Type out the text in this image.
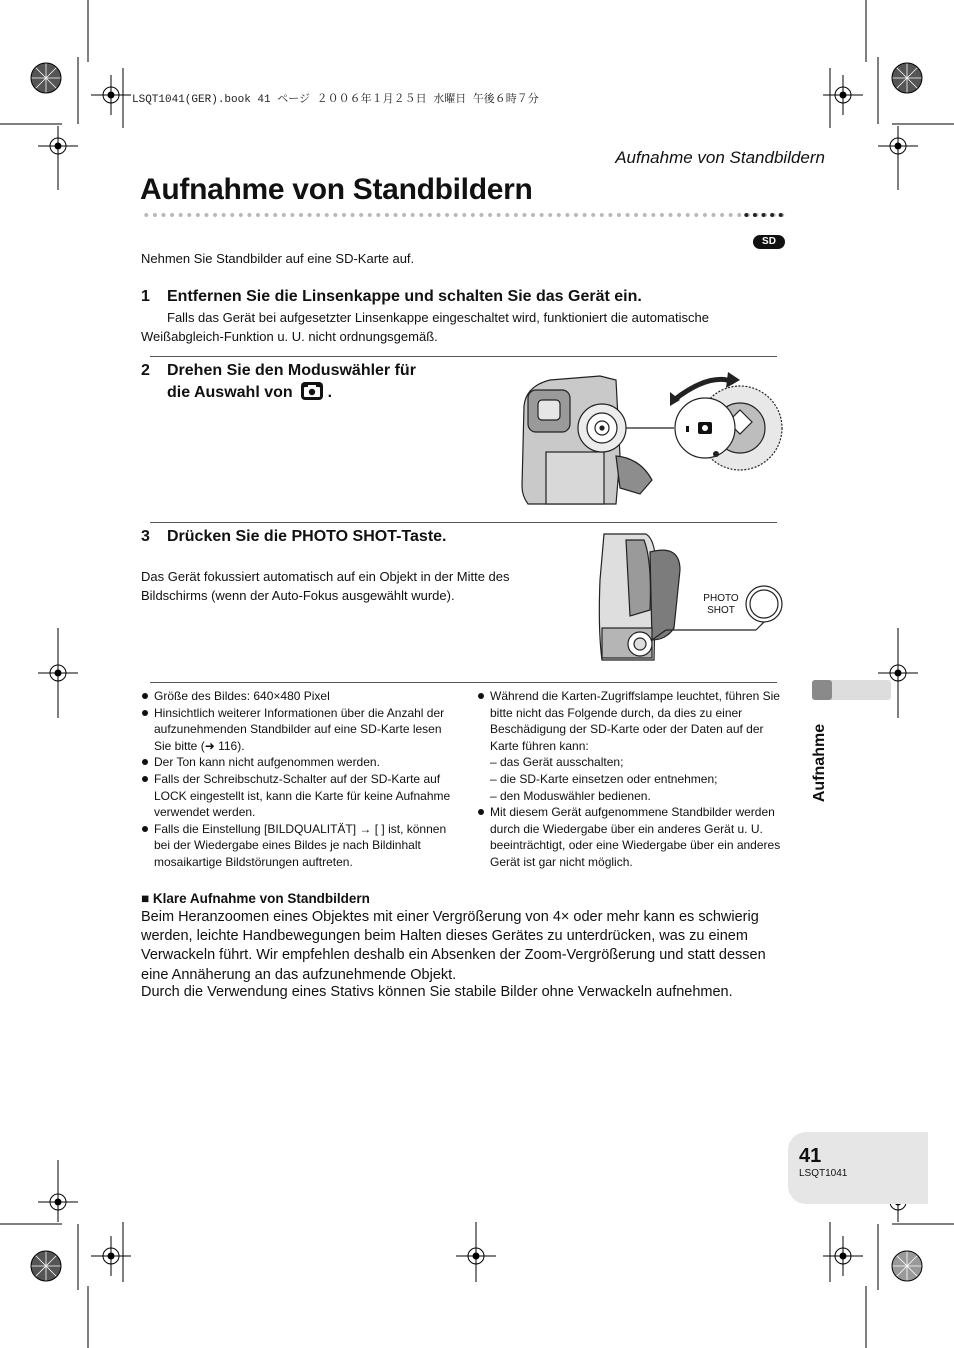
LSQT1041(GER).book 41 ページ ２００６年１月２５日 水曜日 午後６時７分
Aufnahme von Standbildern
Aufnahme von Standbildern
SD
Nehmen Sie Standbilder auf eine SD-Karte auf.
1 Entfernen Sie die Linsenkappe und schalten Sie das Gerät ein.
Falls das Gerät bei aufgesetzter Linsenkappe eingeschaltet wird, funktioniert die automatische Weißabgleich-Funktion u. U. nicht ordnungsgemäß.
2 Drehen Sie den Moduswähler für
die Auswahl von .
3 Drücken Sie die PHOTO SHOT-Taste.
Das Gerät fokussiert automatisch auf ein Objekt in der Mitte des Bildschirms (wenn der Auto-Fokus ausgewählt wurde).	PHOTO
SHOT
Größe des Bildes: 640×480 Pixel
Hinsichtlich weiterer Informationen über die Anzahl der aufzunehmenden Standbilder auf eine SD-Karte lesen Sie bitte (➜ 116).
Der Ton kann nicht aufgenommen werden.
Falls der Schreibschutz-Schalter auf der SD-Karte auf LOCK eingestellt ist, kann die Karte für keine Aufnahme verwendet werden.
Falls die Einstellung [BILDQUALITÄT] → [ ] ist, können bei der Wiedergabe eines Bildes je nach Bildinhalt mosaikartige Bildstörungen auftreten.
Während die Karten-Zugriffslampe leuchtet, führen Sie bitte nicht das Folgende durch, da dies zu einer Beschädigung der SD-Karte oder der Daten auf der Karte führen kann:
– das Gerät ausschalten;
– die SD-Karte einsetzen oder entnehmen;
– den Moduswähler bedienen.
Mit diesem Gerät aufgenommene Standbilder werden durch die Wiedergabe über ein anderes Gerät u. U. beeinträchtigt, oder eine Wiedergabe über ein anderes Gerät ist gar nicht möglich.
■ Klare Aufnahme von Standbildern
Beim Heranzoomen eines Objektes mit einer Vergrößerung von 4× oder mehr kann es schwierig werden, leichte Handbewegungen beim Halten dieses Gerätes zu unterdrücken, was zu einem Verwackeln führt. Wir empfehlen deshalb ein Absenken der Zoom-Vergrößerung und statt dessen eine Annäherung an das aufzunehmende Objekt.
Durch die Verwendung eines Stativs können Sie stabile Bilder ohne Verwackeln aufnehmen.
Aufnahme
41
LSQT1041
